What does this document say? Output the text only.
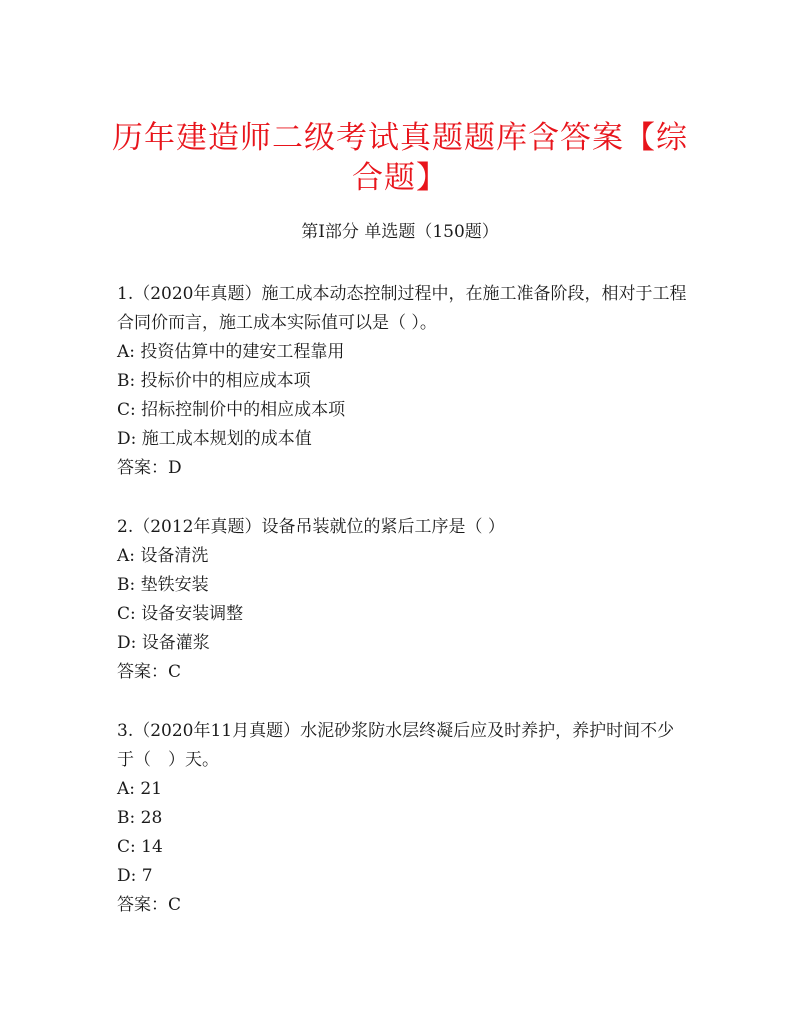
历年建造师二级考试真题题库含答案【综合题】
第I部分 单选题（150题）

1.（2020年真题）施工成本动态控制过程中，在施工准备阶段，相对于工程合同价而言，施工成本实际值可以是（ ）。

A: 投资估算中的建安工程靠用

B: 投标价中的相应成本项

C: 招标控制价中的相应成本项

D: 施工成本规划的成本值

答案：D

2.（2012年真题）设备吊装就位的紧后工序是（ ）

A: 设备清洗

B: 垫铁安装

C: 设备安装调整

D: 设备灌浆

答案：C

3.（2020年11月真题）水泥砂浆防水层终凝后应及时养护，养护时间不少于（　）天。

A: 21

B: 28

C: 14

D: 7

答案：C
